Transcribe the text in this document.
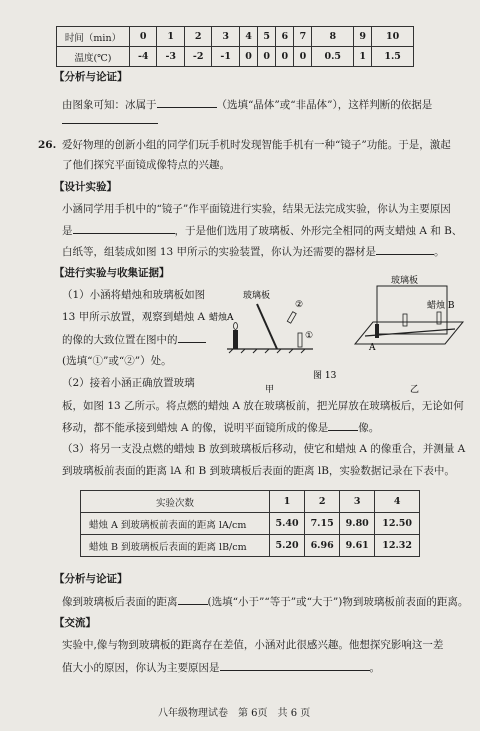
时间（min）	0	1	2	3	4	5	6	7	8	9	10
温度(℃)	-4	-3	-2	-1	0	0	0	0	0.5	1	1.5
【分析与论证】
由图象可知：冰属于	（选填“晶体”或“非晶体”），这样判断的依据是
26. 爱好物理的创新小组的同学们玩手机时发现智能手机有一种“镜子”功能。于是，激起
了他们探究平面镜成像特点的兴趣。
【设计实验】
小涵同学用手机中的“镜子”作平面镜进行实验，结果无法完成实验，你认为主要原因
是	，于是他们选用了玻璃板、外形完全相同的两支蜡烛 A 和 B、
白纸等，组装成如图 13 甲所示的实验装置，你认为还需要的器材是	。
【进行实验与收集证据】
（1）小涵将蜡烛和玻璃板如图
13 甲所示放置，观察到蜡烛 A
的像的大致位置在图中的
(选填“①”或“②”）处。
（2）接着小涵正确放置玻璃
玻璃板
蜡烛A
②
①
甲
玻璃板
蜡烛 B
A
乙
图 13
板，如图 13 乙所示。将点燃的蜡烛 A 放在玻璃板前，把光屏放在玻璃板后，无论如何
移动，都不能承接到蜡烛 A 的像，说明平面镜所成的像是	像。
（3）将另一支没点燃的蜡烛 B 放到玻璃板后移动，使它和蜡烛 A 的像重合，并测量 A
到玻璃板前表面的距离 lA 和 B 到玻璃板后表面的距离 lB，实验数据记录在下表中。
实验次数	1	2	3	4
蜡烛 A 到玻璃板前表面的距离 lA/cm	5.40	7.15	9.80	12.50
蜡烛 B 到玻璃板后表面的距离 lB/cm	5.20	6.96	9.61	12.32
【分析与论证】
像到玻璃板后表面的距离	(选填“小于”“等于”或“大于”)物到玻璃板前表面的距离。
【交流】
实验中,像与物到玻璃板的距离存在差值，小涵对此很感兴趣。他想探究影响这一差
值大小的原因，你认为主要原因是	。
八年级物理试卷　第 6页　共 6 页
